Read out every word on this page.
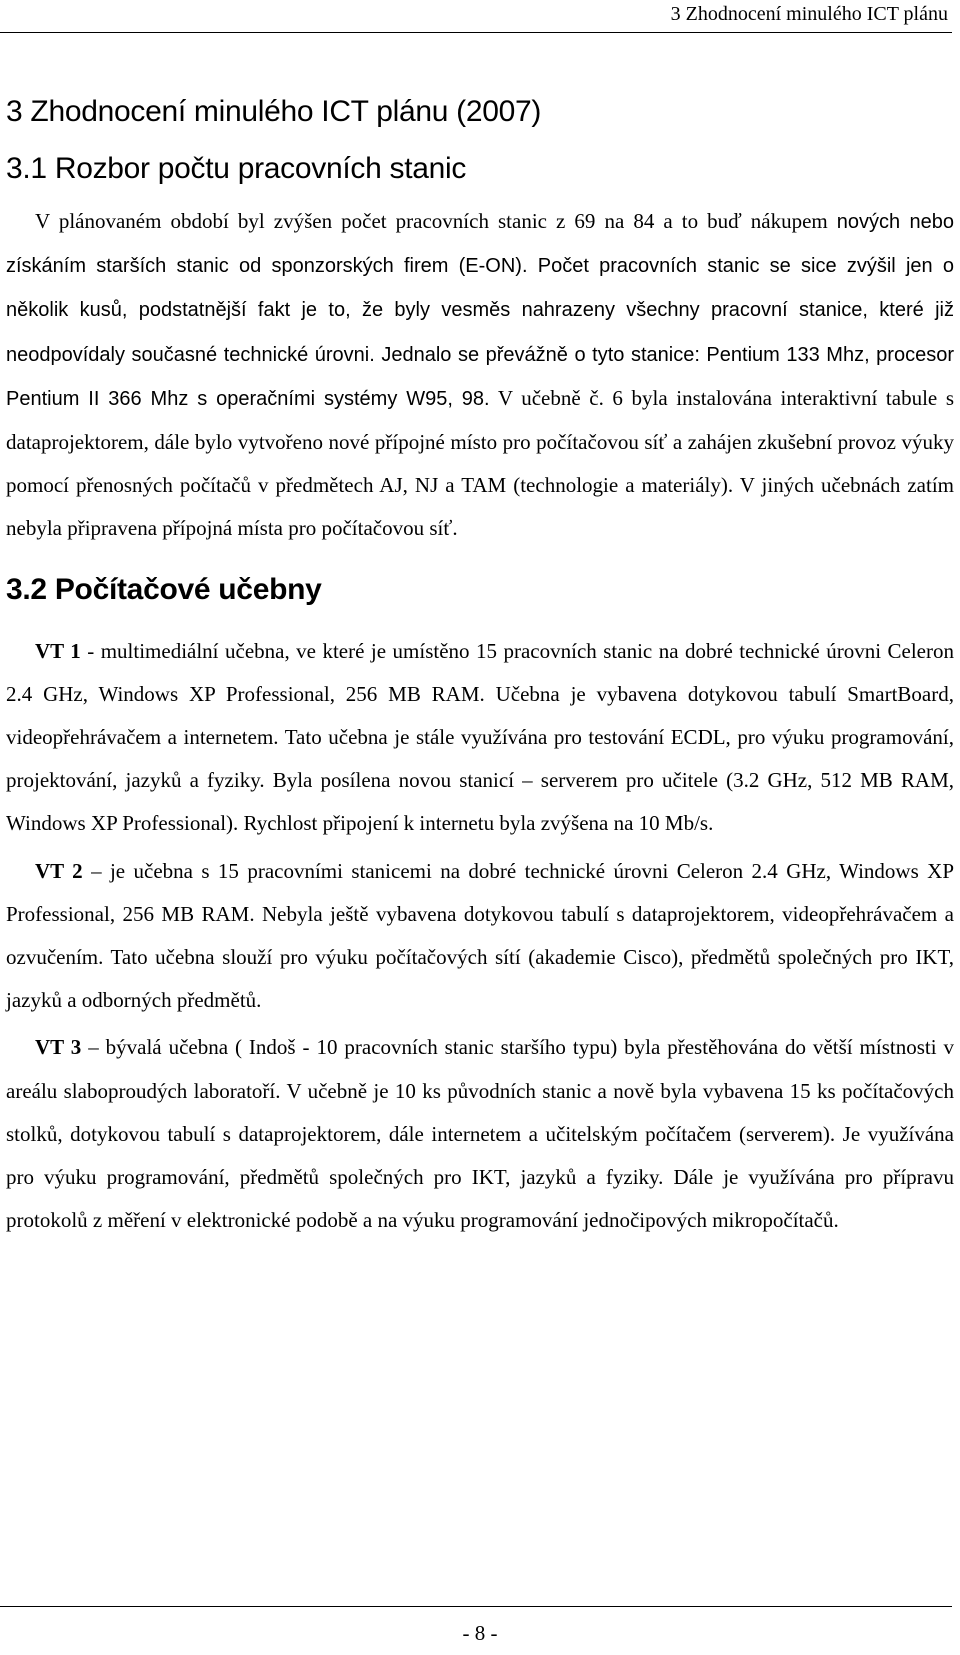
3 Zhodnocení minulého ICT plánu
3 Zhodnocení minulého ICT plánu (2007)
3.1 Rozbor počtu pracovních stanic

V plánovaném období byl zvýšen počet pracovních stanic z 69 na 84 a to buď nákupem nových nebo získáním starších stanic od sponzorských firem (E-ON). Počet pracovních stanic se sice zvýšil jen o několik kusů, podstatnější fakt je to, že byly vesměs nahrazeny všechny pracovní stanice, které již neodpovídaly současné technické úrovni. Jednalo se převážně o tyto stanice: Pentium 133 Mhz, procesor Pentium II 366 Mhz s operačními systémy W95, 98. V učebně č. 6 byla instalována interaktivní tabule s dataprojektorem, dále bylo vytvořeno nové přípojné místo pro počítačovou síť a zahájen zkušební provoz výuky pomocí přenosných počítačů v předmětech AJ, NJ a TAM (technologie a materiály). V jiných učebnách zatím nebyla připravena přípojná místa pro počítačovou síť.

3.2 Počítačové učebny

VT 1 - multimediální učebna, ve které je umístěno 15 pracovních stanic na dobré technické úrovni Celeron 2.4 GHz, Windows XP Professional, 256 MB RAM. Učebna je vybavena dotykovou tabulí SmartBoard, videopřehrávačem a internetem. Tato učebna je stále využívána pro testování ECDL, pro výuku programování, projektování, jazyků a fyziky. Byla posílena novou stanicí – serverem pro učitele (3.2 GHz, 512 MB RAM, Windows XP Professional). Rychlost připojení k internetu byla zvýšena na 10 Mb/s.

VT 2 – je učebna s 15 pracovními stanicemi na dobré technické úrovni Celeron 2.4 GHz, Windows XP Professional, 256 MB RAM. Nebyla ještě vybavena dotykovou tabulí s dataprojektorem, videopřehrávačem a ozvučením. Tato učebna slouží pro výuku počítačových sítí (akademie Cisco), předmětů společných pro IKT, jazyků a odborných předmětů.

VT 3 – bývalá učebna ( Indoš - 10 pracovních stanic staršího typu) byla přestěhována do větší místnosti v areálu slaboproudých laboratoří. V učebně je 10 ks původních stanic a nově byla vybavena 15 ks počítačových stolků, dotykovou tabulí s dataprojektorem, dále internetem a učitelským počítačem (serverem). Je využívána pro výuku programování, předmětů společných pro IKT, jazyků a fyziky. Dále je využívána pro přípravu protokolů z měření v elektronické podobě a na výuku programování jednočipových mikropočítačů.

- 8 -
